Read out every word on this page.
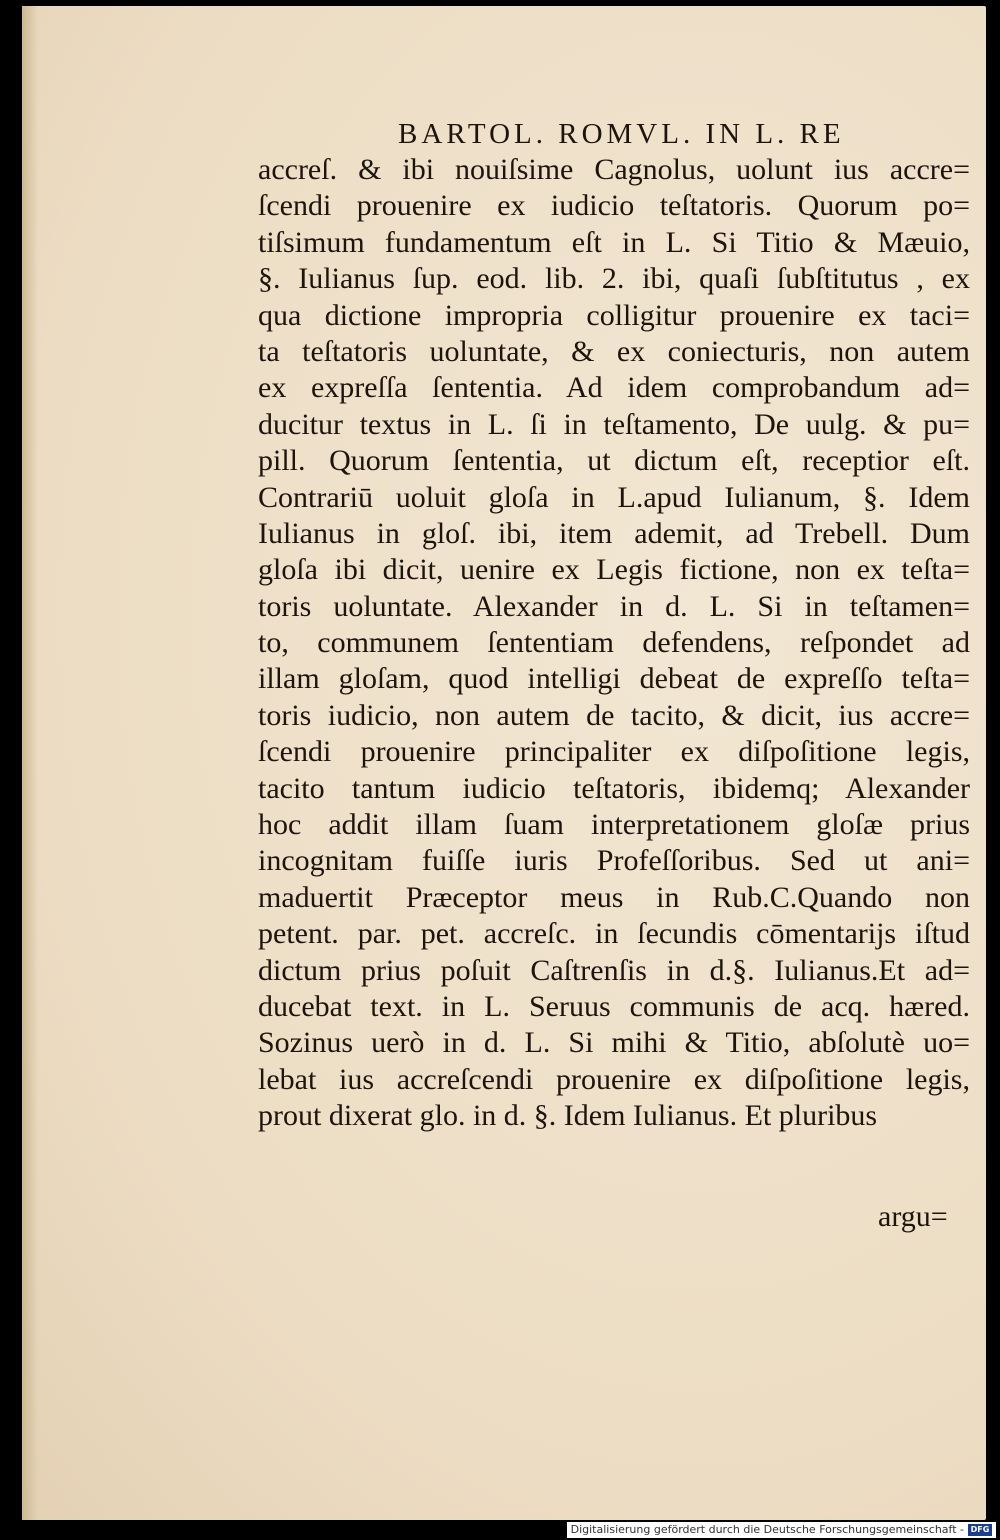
BARTOL. ROMVL. IN L. RE
accreſ. & ibi nouiſsime Cagnolus, uolunt ius accre=
ſcendi prouenire ex iudicio teſtatoris. Quorum po=
tiſsimum fundamentum eſt in L. Si Titio & Mæuio,
§. Iulianus ſup. eod. lib. 2. ibi, quaſi ſubſtitutus , ex
qua dictione impropria colligitur prouenire ex taci=
ta teſtatoris uoluntate, & ex coniecturis, non autem
ex expreſſa ſententia. Ad idem comprobandum ad=
ducitur textus in L. ſi in teſtamento, De uulg. & pu=
pill. Quorum ſententia, ut dictum eſt, receptior eſt.
Contrariū uoluit gloſa in L.apud Iulianum, §. Idem
Iulianus in gloſ. ibi, item ademit, ad Trebell. Dum
gloſa ibi dicit, uenire ex Legis fictione, non ex teſta=
toris uoluntate. Alexander in d. L. Si in teſtamen=
to, communem ſententiam defendens, reſpondet ad
illam gloſam, quod intelligi debeat de expreſſo teſta=
toris iudicio, non autem de tacito, & dicit, ius accre=
ſcendi prouenire principaliter ex diſpoſitione legis,
tacito tantum iudicio teſtatoris, ibidemq; Alexander
hoc addit illam ſuam interpretationem gloſæ prius
incognitam fuiſſe iuris Profeſſoribus. Sed ut ani=
maduertit Præceptor meus in Rub.C.Quando non
petent. par. pet. accreſc. in ſecundis cōmentarijs iſtud
dictum prius poſuit Caſtrenſis in d.§. Iulianus.Et ad=
ducebat text. in L. Seruus communis de acq. hæred.
Sozinus uerò in d. L. Si mihi & Titio, abſolutè uo=
lebat ius accreſcendi prouenire ex diſpoſitione legis,
prout dixerat glo. in d. §. Idem Iulianus. Et pluribus
argu=
Digitalisierung gefördert durch die Deutsche Forschungsgemeinschaft - DFG
